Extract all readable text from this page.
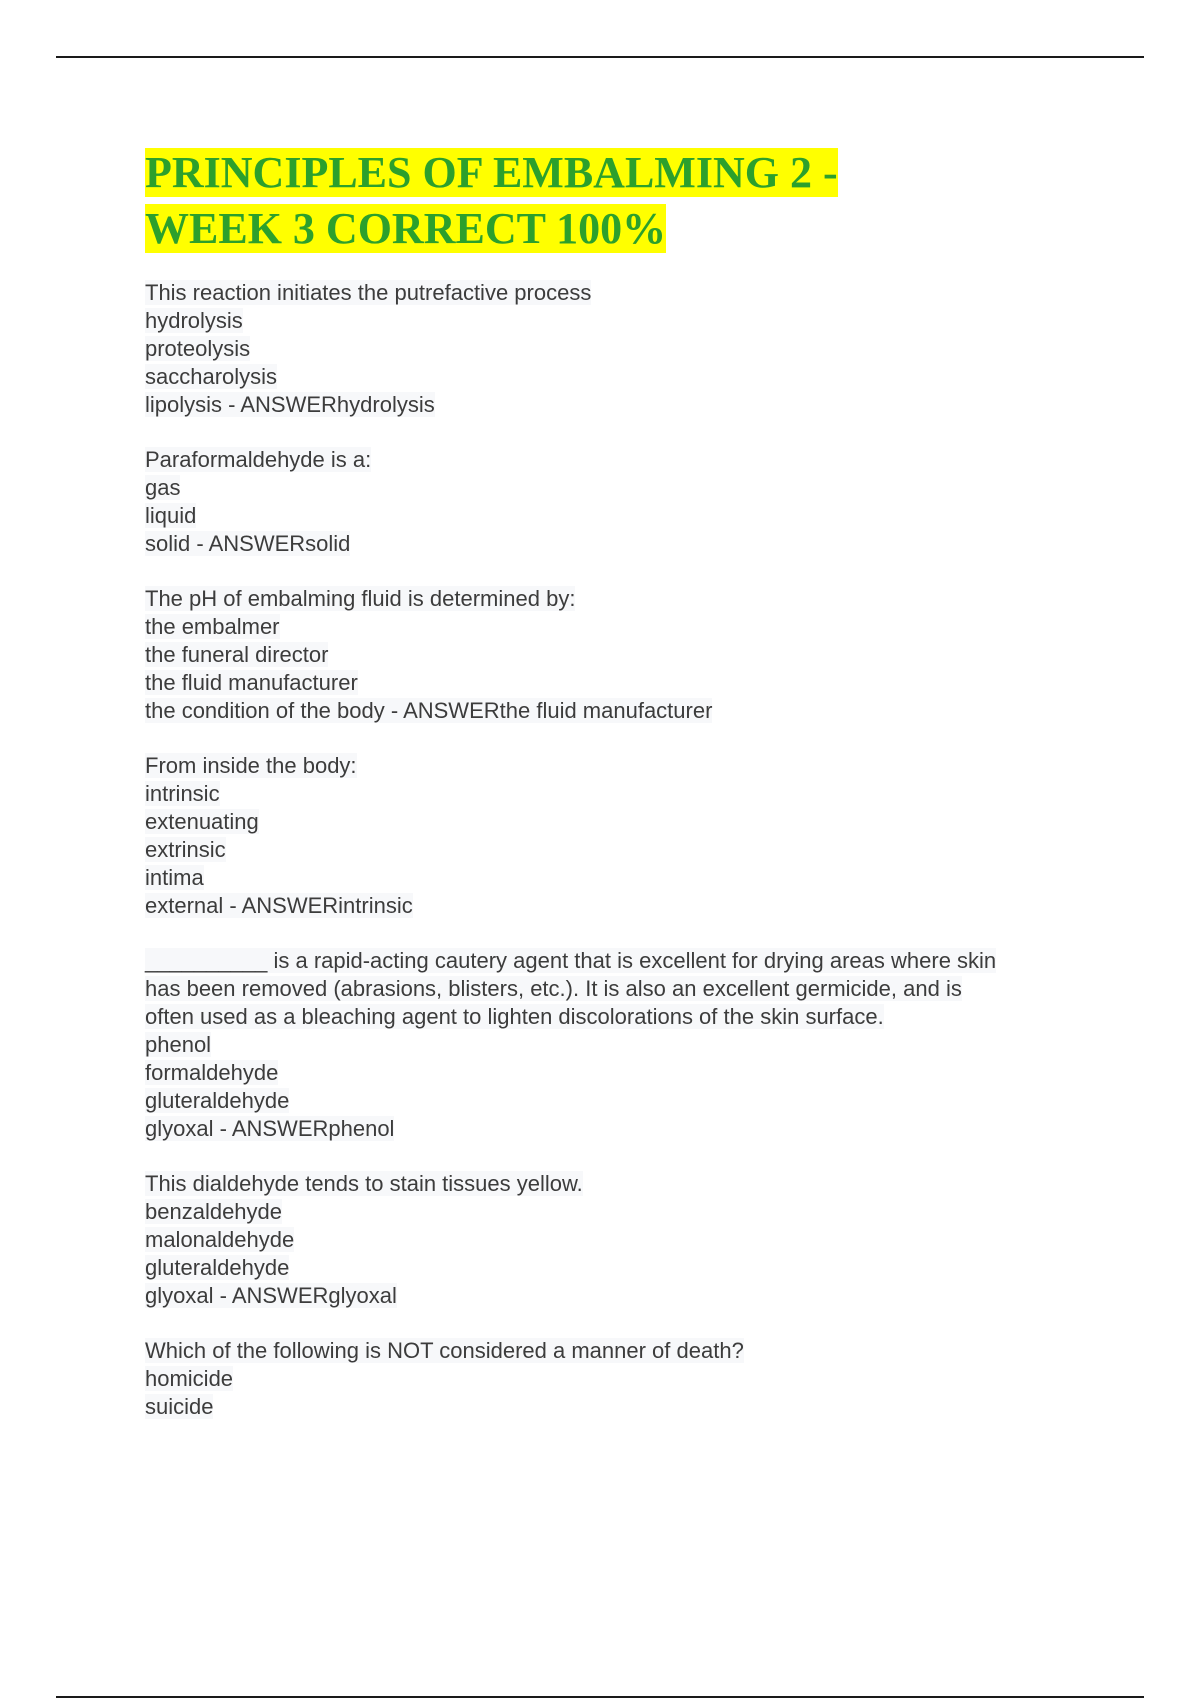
PRINCIPLES OF EMBALMING 2 -
WEEK 3 CORRECT 100%
This reaction initiates the putrefactive process
hydrolysis
proteolysis
saccharolysis
lipolysis - ANSWERhydrolysis
Paraformaldehyde is a:
gas
liquid
solid - ANSWERsolid
The pH of embalming fluid is determined by:
the embalmer
the funeral director
the fluid manufacturer
the condition of the body - ANSWERthe fluid manufacturer
From inside the body:
intrinsic
extenuating
extrinsic
intima
external - ANSWERintrinsic
__________ is a rapid-acting cautery agent that is excellent for drying areas where skin
has been removed (abrasions, blisters, etc.). It is also an excellent germicide, and is
often used as a bleaching agent to lighten discolorations of the skin surface.
phenol
formaldehyde
gluteraldehyde
glyoxal - ANSWERphenol
This dialdehyde tends to stain tissues yellow.
benzaldehyde
malonaldehyde
gluteraldehyde
glyoxal - ANSWERglyoxal
Which of the following is NOT considered a manner of death?
homicide
suicide
